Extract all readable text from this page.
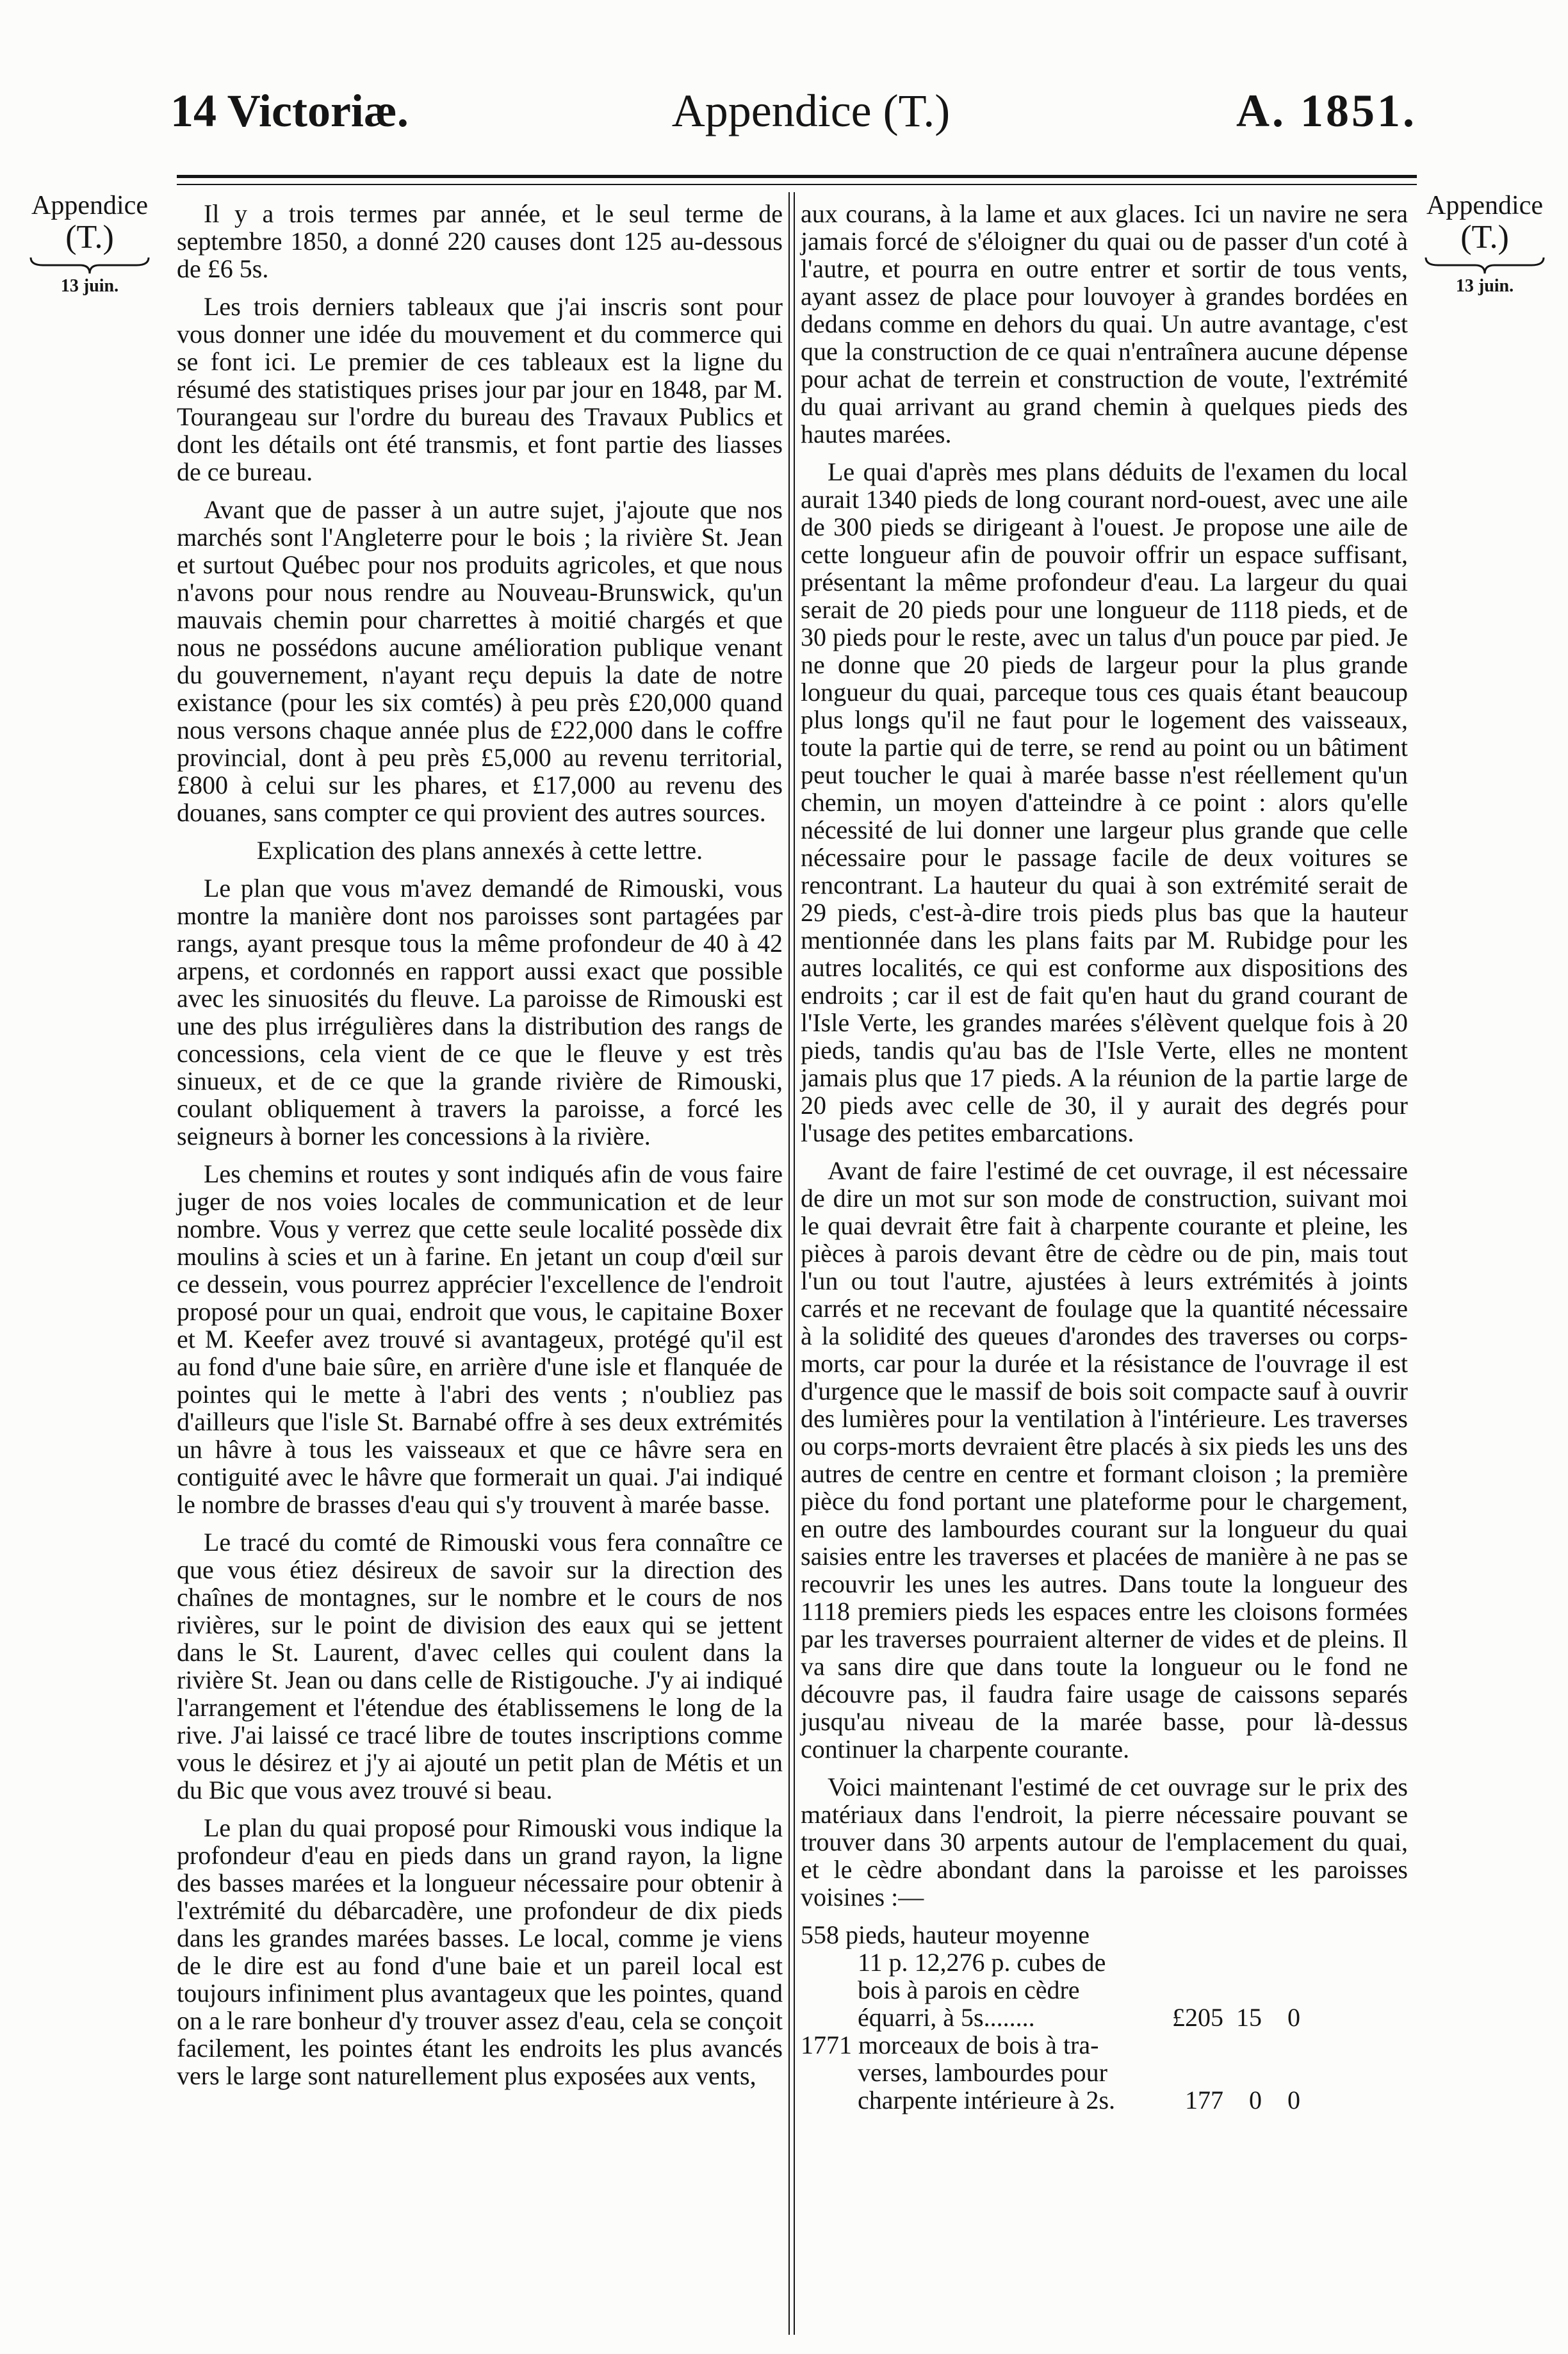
14 Victoriæ.	Appendice (T.)	A. 1851.
Appendice
(T.)
13 juin.
Appendice
(T.)
13 juin.

Il y a trois termes par année, et le seul terme de septembre 1850, a donné 220 causes dont 125 au-dessous de £6 5s.

Les trois derniers tableaux que j'ai inscris sont pour vous donner une idée du mouvement et du commerce qui se font ici. Le premier de ces tableaux est la ligne du résumé des statistiques prises jour par jour en 1848, par M. Tourangeau sur l'ordre du bureau des Travaux Publics et dont les détails ont été transmis, et font partie des liasses de ce bureau.

Avant que de passer à un autre sujet, j'ajoute que nos marchés sont l'Angleterre pour le bois ; la rivière St. Jean et surtout Québec pour nos produits agricoles, et que nous n'avons pour nous rendre au Nouveau-Brunswick, qu'un mauvais chemin pour charrettes à moitié chargés et que nous ne possédons aucune amélioration publique venant du gouvernement, n'ayant reçu depuis la date de notre existance (pour les six comtés) à peu près £20,000 quand nous versons chaque année plus de £22,000 dans le coffre provincial, dont à peu près £5,000 au revenu territorial, £800 à celui sur les phares, et £17,000 au revenu des douanes, sans compter ce qui provient des autres sources.

Explication des plans annexés à cette lettre.

Le plan que vous m'avez demandé de Rimouski, vous montre la manière dont nos paroisses sont partagées par rangs, ayant presque tous la même profondeur de 40 à 42 arpens, et cordonnés en rapport aussi exact que possible avec les sinuosités du fleuve. La paroisse de Rimouski est une des plus irrégulières dans la distribution des rangs de concessions, cela vient de ce que le fleuve y est très sinueux, et de ce que la grande rivière de Rimouski, coulant obliquement à travers la paroisse, a forcé les seigneurs à borner les concessions à la rivière.

Les chemins et routes y sont indiqués afin de vous faire juger de nos voies locales de communication et de leur nombre. Vous y verrez que cette seule localité possède dix moulins à scies et un à farine. En jetant un coup d'œil sur ce dessein, vous pourrez apprécier l'excellence de l'endroit proposé pour un quai, endroit que vous, le capitaine Boxer et M. Keefer avez trouvé si avantageux, protégé qu'il est au fond d'une baie sûre, en arrière d'une isle et flanquée de pointes qui le mette à l'abri des vents ; n'oubliez pas d'ailleurs que l'isle St. Barnabé offre à ses deux extrémités un hâvre à tous les vaisseaux et que ce hâvre sera en contiguité avec le hâvre que formerait un quai. J'ai indiqué le nombre de brasses d'eau qui s'y trouvent à marée basse.

Le tracé du comté de Rimouski vous fera connaître ce que vous étiez désireux de savoir sur la direction des chaînes de montagnes, sur le nombre et le cours de nos rivières, sur le point de division des eaux qui se jettent dans le St. Laurent, d'avec celles qui coulent dans la rivière St. Jean ou dans celle de Ristigouche. J'y ai indiqué l'arrangement et l'étendue des établissemens le long de la rive. J'ai laissé ce tracé libre de toutes inscriptions comme vous le désirez et j'y ai ajouté un petit plan de Métis et un du Bic que vous avez trouvé si beau.

Le plan du quai proposé pour Rimouski vous indique la profondeur d'eau en pieds dans un grand rayon, la ligne des basses marées et la longueur nécessaire pour obtenir à l'extrémité du débarcadère, une profondeur de dix pieds dans les grandes marées basses. Le local, comme je viens de le dire est au fond d'une baie et un pareil local est toujours infiniment plus avantageux que les pointes, quand on a le rare bonheur d'y trouver assez d'eau, cela se conçoit facilement, les pointes étant les endroits les plus avancés vers le large sont naturellement plus exposées aux vents,

aux courans, à la lame et aux glaces. Ici un navire ne sera jamais forcé de s'éloigner du quai ou de passer d'un coté à l'autre, et pourra en outre entrer et sortir de tous vents, ayant assez de place pour louvoyer à grandes bordées en dedans comme en dehors du quai. Un autre avantage, c'est que la construction de ce quai n'entraînera aucune dépense pour achat de terrein et construction de voute, l'extrémité du quai arrivant au grand chemin à quelques pieds des hautes marées.

Le quai d'après mes plans déduits de l'examen du local aurait 1340 pieds de long courant nord-ouest, avec une aile de 300 pieds se dirigeant à l'ouest. Je propose une aile de cette longueur afin de pouvoir offrir un espace suffisant, présentant la même profondeur d'eau. La largeur du quai serait de 20 pieds pour une longueur de 1118 pieds, et de 30 pieds pour le reste, avec un talus d'un pouce par pied. Je ne donne que 20 pieds de largeur pour la plus grande longueur du quai, parceque tous ces quais étant beaucoup plus longs qu'il ne faut pour le logement des vaisseaux, toute la partie qui de terre, se rend au point ou un bâtiment peut toucher le quai à marée basse n'est réellement qu'un chemin, un moyen d'atteindre à ce point : alors qu'elle nécessité de lui donner une largeur plus grande que celle nécessaire pour le passage facile de deux voitures se rencontrant. La hauteur du quai à son extrémité serait de 29 pieds, c'est-à-dire trois pieds plus bas que la hauteur mentionnée dans les plans faits par M. Rubidge pour les autres localités, ce qui est conforme aux dispositions des endroits ; car il est de fait qu'en haut du grand courant de l'Isle Verte, les grandes marées s'élèvent quelque fois à 20 pieds, tandis qu'au bas de l'Isle Verte, elles ne montent jamais plus que 17 pieds. A la réunion de la partie large de 20 pieds avec celle de 30, il y aurait des degrés pour l'usage des petites embarcations.

Avant de faire l'estimé de cet ouvrage, il est nécessaire de dire un mot sur son mode de construction, suivant moi le quai devrait être fait à charpente courante et pleine, les pièces à parois devant être de cèdre ou de pin, mais tout l'un ou tout l'autre, ajustées à leurs extrémités à joints carrés et ne recevant de foulage que la quantité nécessaire à la solidité des queues d'arondes des traverses ou corps-morts, car pour la durée et la résistance de l'ouvrage il est d'urgence que le massif de bois soit compacte sauf à ouvrir des lumières pour la ventilation à l'intérieure. Les traverses ou corps-morts devraient être placés à six pieds les uns des autres de centre en centre et formant cloison ; la première pièce du fond portant une plateforme pour le chargement, en outre des lambourdes courant sur la longueur du quai saisies entre les traverses et placées de manière à ne pas se recouvrir les unes les autres. Dans toute la longueur des 1118 premiers pieds les espaces entre les cloisons formées par les traverses pourraient alterner de vides et de pleins. Il va sans dire que dans toute la longueur ou le fond ne découvre pas, il faudra faire usage de caissons separés jusqu'au niveau de la marée basse, pour là-dessus continuer la charpente courante.

Voici maintenant l'estimé de cet ouvrage sur le prix des matériaux dans l'endroit, la pierre nécessaire pouvant se trouver dans 30 arpents autour de l'emplacement du quai, et le cèdre abondant dans la paroisse et les paroisses voisines :—

558 pieds, hauteur moyenne
11 p. 12,276 p. cubes de
bois à parois en cèdre
équarri, à 5s........	£205 15	0
1771 morceaux de bois à tra-
verses, lambourdes pour
charpente intérieure à 2s.	177	0	0
